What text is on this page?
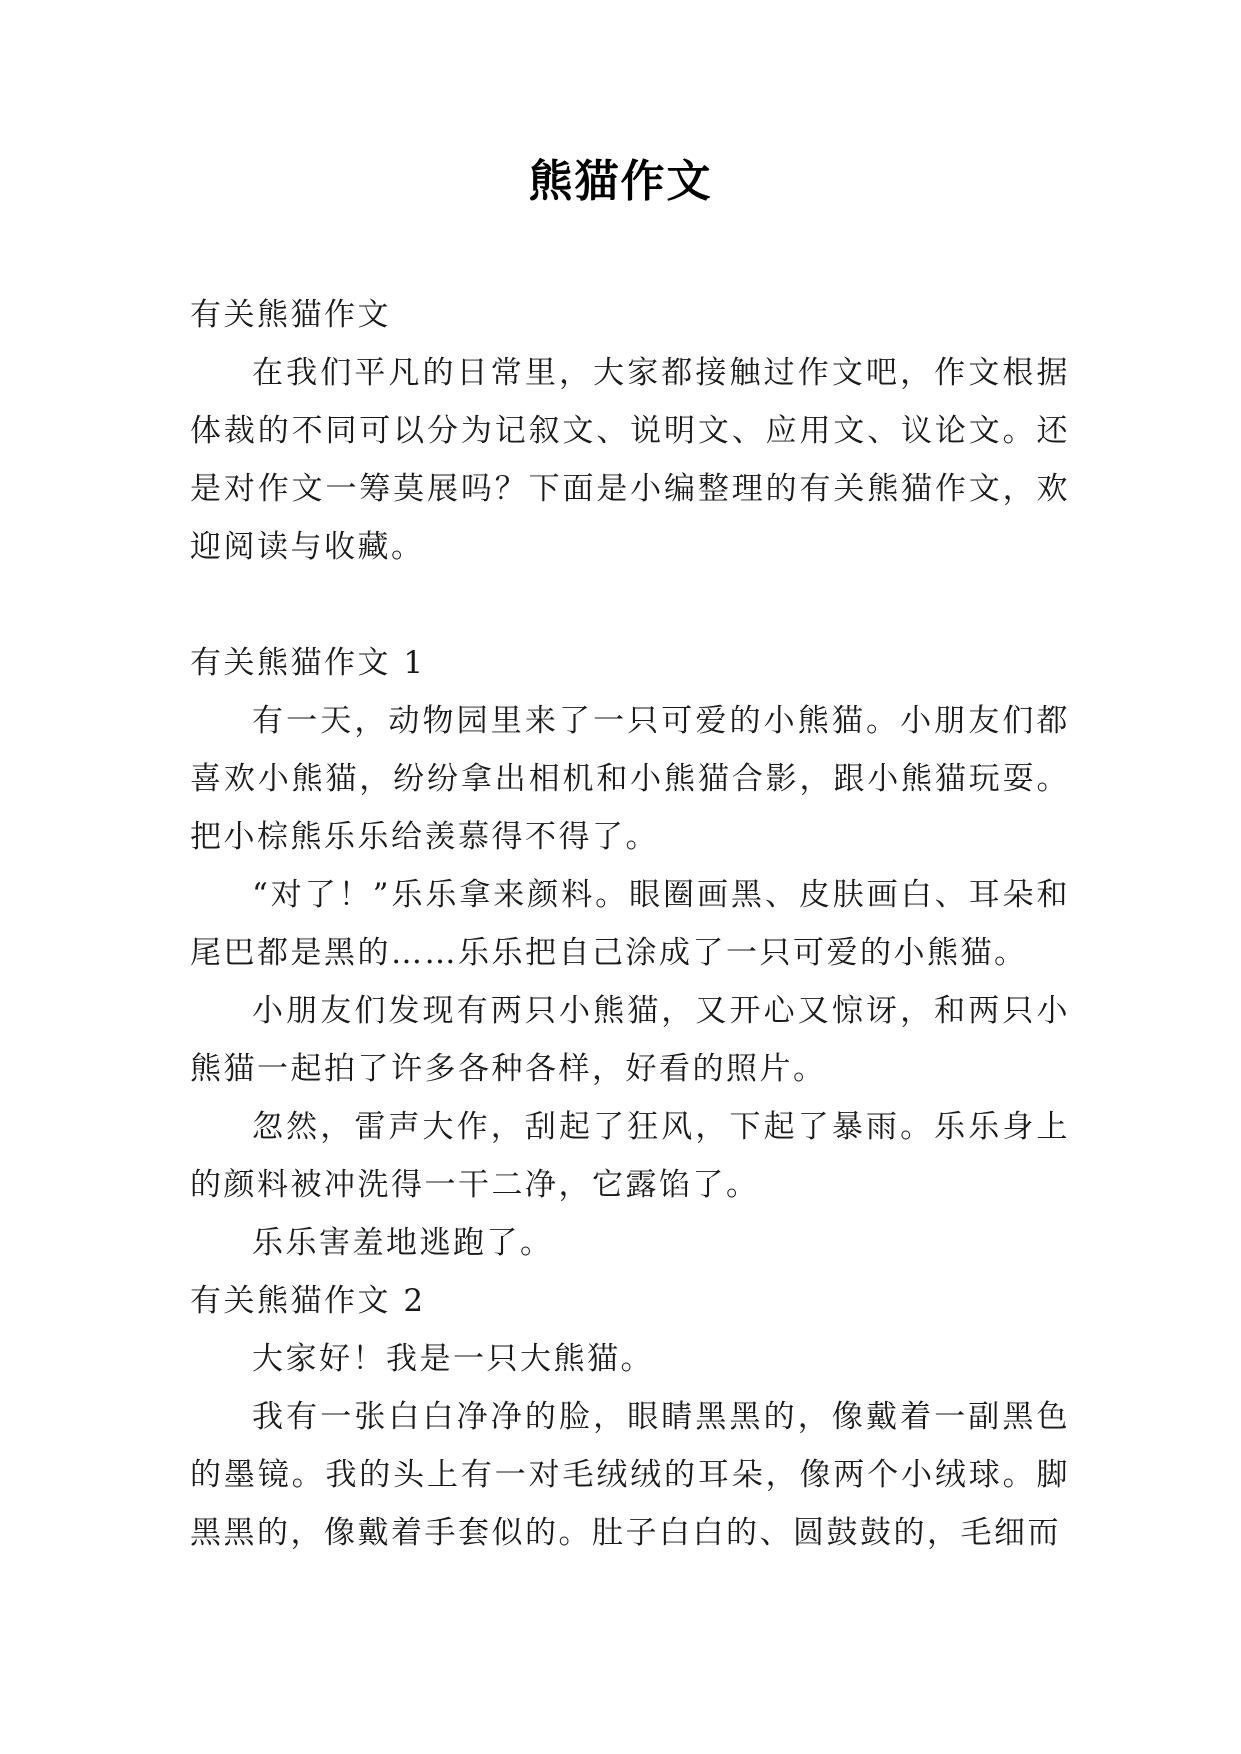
熊猫作文

有关熊猫作文

在我们平凡的日常里，大家都接触过作文吧，作文根据体裁的不同可以分为记叙文、说明文、应用文、议论文。还是对作文一筹莫展吗？下面是小编整理的有关熊猫作文，欢迎阅读与收藏。

有关熊猫作文 1

有一天，动物园里来了一只可爱的小熊猫。小朋友们都喜欢小熊猫，纷纷拿出相机和小熊猫合影，跟小熊猫玩耍。把小棕熊乐乐给羡慕得不得了。

“对了！”乐乐拿来颜料。眼圈画黑、皮肤画白、耳朵和尾巴都是黑的……乐乐把自己涂成了一只可爱的小熊猫。

小朋友们发现有两只小熊猫，又开心又惊讶，和两只小熊猫一起拍了许多各种各样，好看的照片。

忽然，雷声大作，刮起了狂风，下起了暴雨。乐乐身上的颜料被冲洗得一干二净，它露馅了。

乐乐害羞地逃跑了。

有关熊猫作文 2

大家好！我是一只大熊猫。

我有一张白白净净的脸，眼睛黑黑的，像戴着一副黑色的墨镜。我的头上有一对毛绒绒的耳朵，像两个小绒球。脚黑黑的，像戴着手套似的。肚子白白的、圆鼓鼓的，毛细而
